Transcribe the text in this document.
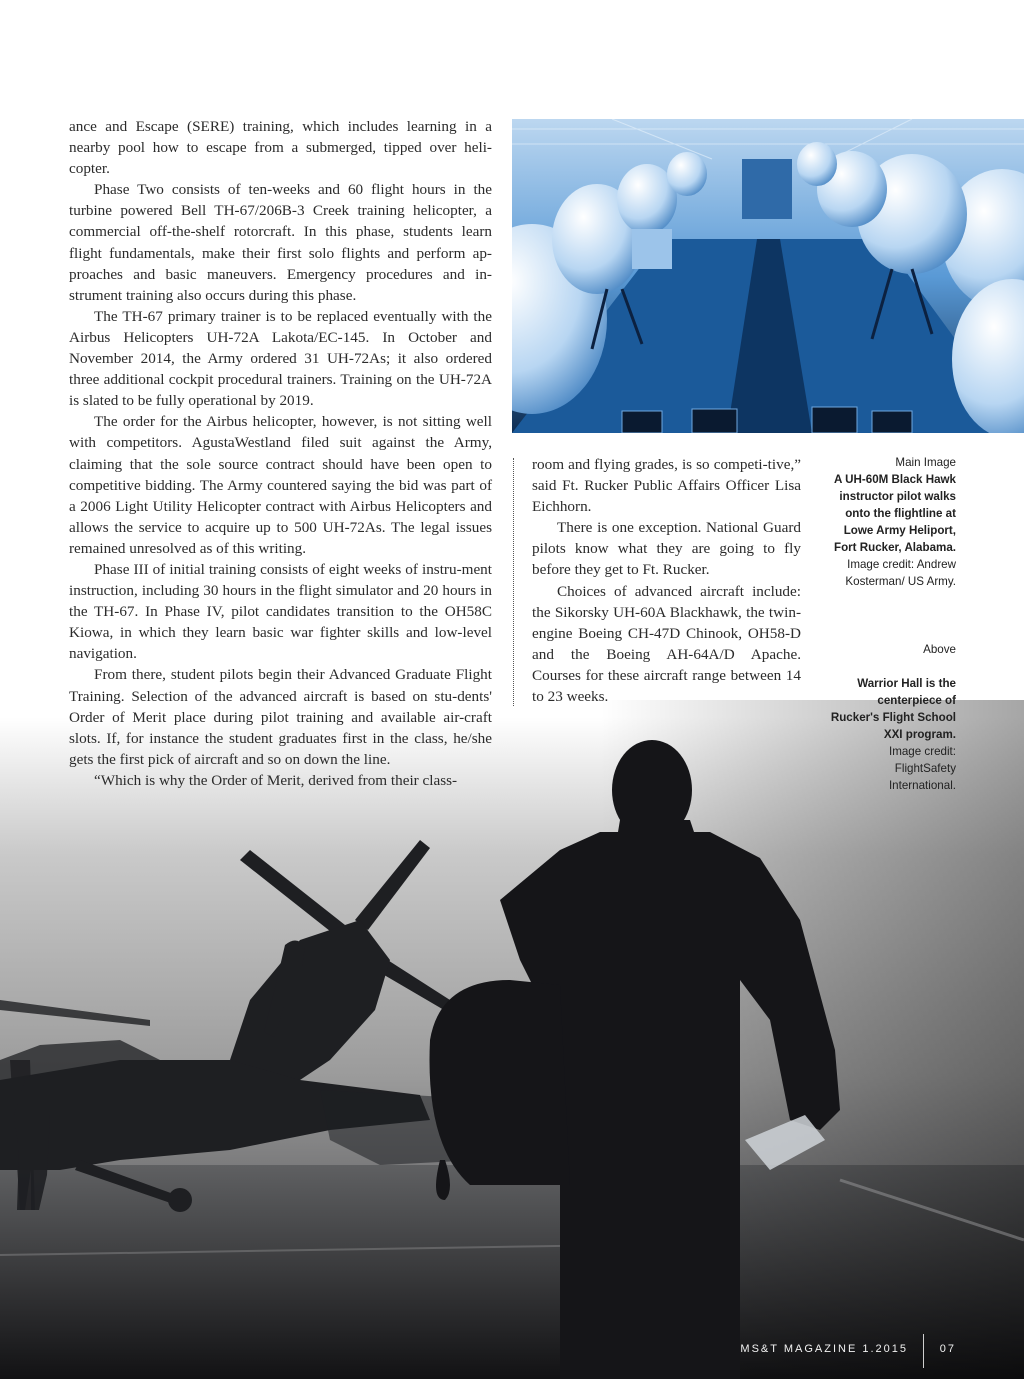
ance and Escape (SERE) training, which includes learning in a nearby pool how to escape from a submerged, tipped over heli-copter.

Phase Two consists of ten-weeks and 60 flight hours in the turbine powered Bell TH-67/206B-3 Creek training helicopter, a commercial off-the-shelf rotorcraft. In this phase, students learn flight fundamentals, make their first solo flights and perform ap-proaches and basic maneuvers. Emergency procedures and in-strument training also occurs during this phase.

The TH-67 primary trainer is to be replaced eventually with the Airbus Helicopters UH-72A Lakota/EC-145. In October and November 2014, the Army ordered 31 UH-72As; it also ordered three additional cockpit procedural trainers. Training on the UH-72A is slated to be fully operational by 2019.

The order for the Airbus helicopter, however, is not sitting well with competitors. AgustaWestland filed suit against the Army, claiming that the sole source contract should have been open to competitive bidding. The Army countered saying the bid was part of a 2006 Light Utility Helicopter contract with Airbus Helicopters and allows the service to acquire up to 500 UH-72As. The legal issues remained unresolved as of this writing.

Phase III of initial training consists of eight weeks of instru-ment instruction, including 30 hours in the flight simulator and 20 hours in the TH-67. In Phase IV, pilot candidates transition to the OH58C Kiowa, in which they learn basic war fighter skills and low-level navigation.

From there, student pilots begin their Advanced Graduate Flight Training. Selection of the advanced aircraft is based on stu-dents' Order of Merit place during pilot training and available air-craft slots. If, for instance the student graduates first in the class, he/she gets the first pick of aircraft and so on down the line.

“Which is why the Order of Merit, derived from their class-

room and flying grades, is so competi-tive,” said Ft. Rucker Public Affairs Officer Lisa Eichhorn.

There is one exception. National Guard pilots know what they are going to fly before they get to Ft. Rucker.

Choices of advanced aircraft include: the Sikorsky UH-60A Blackhawk, the twin-engine Boeing CH-47D Chinook, OH58-D and the Boeing AH-64A/D Apache. Courses for these aircraft range between 14 to 23 weeks.

Main Image
A UH-60M Black Hawk instructor pilot walks onto the flightline at Lowe Army Heliport, Fort Rucker, Alabama.
Image credit: Andrew Kosterman/ US Army.
Above
Warrior Hall is the centerpiece of Rucker's Flight School XXI program.
Image credit: FlightSafety International.
MS&T MAGAZINE 1.2015	07
